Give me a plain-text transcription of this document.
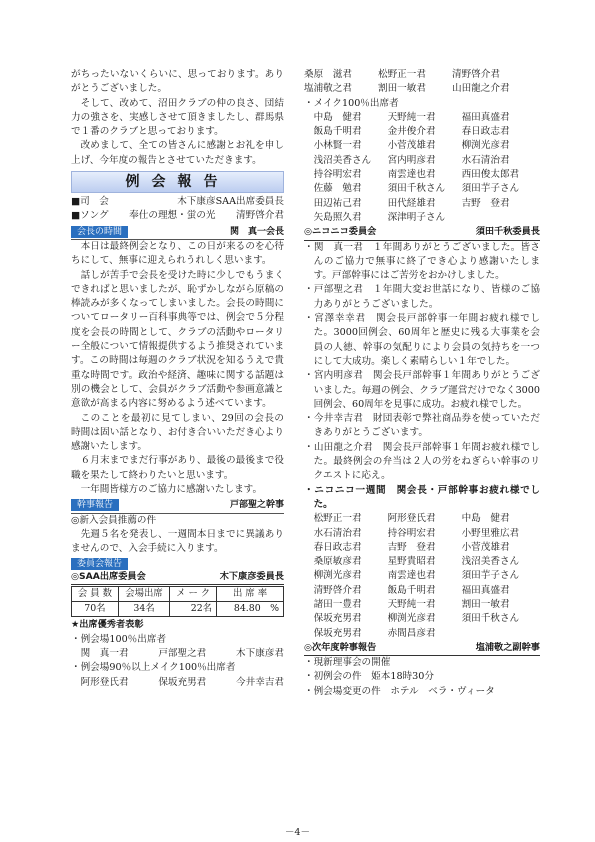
がちったいないくらいに、思っております。ありがとうございました。

そして、改めて、沼田クラブの仲の良さ、団結力の強さを、実感しさせて頂きましたし、群馬県で１番のクラブと思っております。

改めまして、全ての皆さんに感謝とお礼を申し上げ、今年度の報告とさせていただきます。

例会報告
■司　会	木下康彦SAA出席委員長
■ソング 奉仕の理想・蛍の光 清野啓介君
会長の時間	関　真一会長

本日は最終例会となり、この日が来るのを心待ちにして、無事に迎えられうれしく思います。

話しが苦手で会長を受けた時に少しでもうまくできればと思いましたが、恥ずかしながら原稿の棒読みが多くなってしまいました。会長の時間についてロータリー百科事典等では、例会で５分程度を会長の時間として、クラブの活動やロータリー全般について情報提供するよう推奨されています。この時間は毎週のクラブ状況を知るうえで貴重な時間です。政治や経済、趣味に関する話題は別の機会として、会員がクラブ活動や参画意識と意欲が高まる内容に努めるよう述べています。

このことを最初に見てしまい、29回の会長の時間は固い話となり、お付き合いいただき心より感謝いたします。

６月末までまだ行事があり、最後の最後まで役職を果たして終わりたいと思います。

一年間皆様方のご協力に感謝いたします。

幹事報告	戸部聖之幹事

◎新入会員推薦の件

先週５名を発表し、一週間本日までに異議ありませんので、入会手続に入ります。

委員会報告
◎SAA出席委員会	木下康彦委員長
会 員 数	会場出席	メ ー ク	出 席 率
70名	34名	22名	84.80　%
★出席優秀者表彰
・例会場100％出席者
関　真一君	戸部聖之君	木下康彦君
・例会場90％以上メイク100％出席者
阿形登氏君	保坂充男君	今井幸吉君
桑原　滋君	松野正一君	清野啓介君
塩浦敬之君	割田一敏君	山田龍之介君
・メイク100％出席者
中島　健君	天野純一君	福田真盛君
飯島千明君	金井俊介君	春日政志君
小林賢一君	小菅茂雄君	柳渕光彦君
浅沼美香さん	宮内明彦君	水石清治君
持谷明宏君	南雲達也君	西田俊太郎君
佐藤　勉君	須田千秋さん	須田芋子さん
田辺祐己君	田代経雄君	吉野　登君
矢島照久君	深津明子さん
◎ニコニコ委員会	須田千秋委員長
・関　真一君　１年間ありがとうございました。皆さんのご協力で無事に終了でき心より感謝いたします。戸部幹事にはご苦労をおかけしました。
・戸部聖之君　１年間大変お世話になり、皆様のご協力ありがとうございました。
・宮澤幸幸君　関会長戸部幹事一年間お疲れ様でした。3000回例会、60周年と歴史に残る大事業を会員の人徳、幹事の気配りにより会員の気持ちを一つにして大成功。楽しく素晴らしい１年でした。
・宮内明彦君　関会長戸部幹事１年間ありがとうございました。毎週の例会、クラブ運営だけでなく3000回例会、60周年を見事に成功。お疲れ様でした。
・今井幸吉君　財団表彰で弊社商品券を使っていただきありがとうございます。
・山田龍之介君　関会長戸部幹事１年間お疲れ様でした。最終例会の弁当は２人の労をねぎらい幹事のリクエストに応え。
・ニコニコ一週間　関会長・戸部幹事お疲れ様でした。
松野正一君	阿形登氏君	中島　健君
水石清治君	持谷明宏君	小野里雅広君
春日政志君	吉野　登君	小菅茂雄君
桑原敏彦君	星野貴昭君	浅沼美香さん
柳渕光彦君	南雲達也君	須田芋子さん
清野啓介君	飯島千明君	福田真盛君
諸田一豊君	天野純一君	割田一敏君
保坂充男君	柳渕光彦君	須田千秋さん
保坂充男君	赤間昌彦君
◎次年度幹事報告	塩浦敬之副幹事
・現新理事会の開催
・初例会の件　姫本18時30分
・例会場変更の件　ホテル　ベラ・ヴィータ
－4－
